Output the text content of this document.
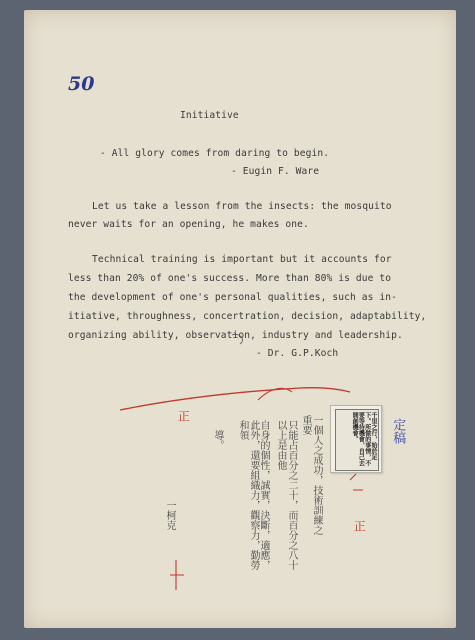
50
Initiative
- All glory comes from daring to begin.
- Eugin F. Ware
Let us take a lesson from the insects: the mosquito
never waits for an opening, he makes one.
Technical training is important but it accounts for
less than 20% of one's success. More than 80% is due to
the development of one's personal qualities, such as in-
itiative, throughness, concertration, decision, adaptability,
organizing ability, observation, industry and leadership.
- Dr. G.P.Koch
一個人之成功，技術訓練之重要
只能占百分之二十，而百分之八十以上是由他
自身的個性，誠實，決斷，適應，
此外，還要組織力，觀察力，勤勞和領
導。
一柯克
正
正
定稿
千里之行，始於足下。所做的事情，不要等待機會，自己去開創機會。
